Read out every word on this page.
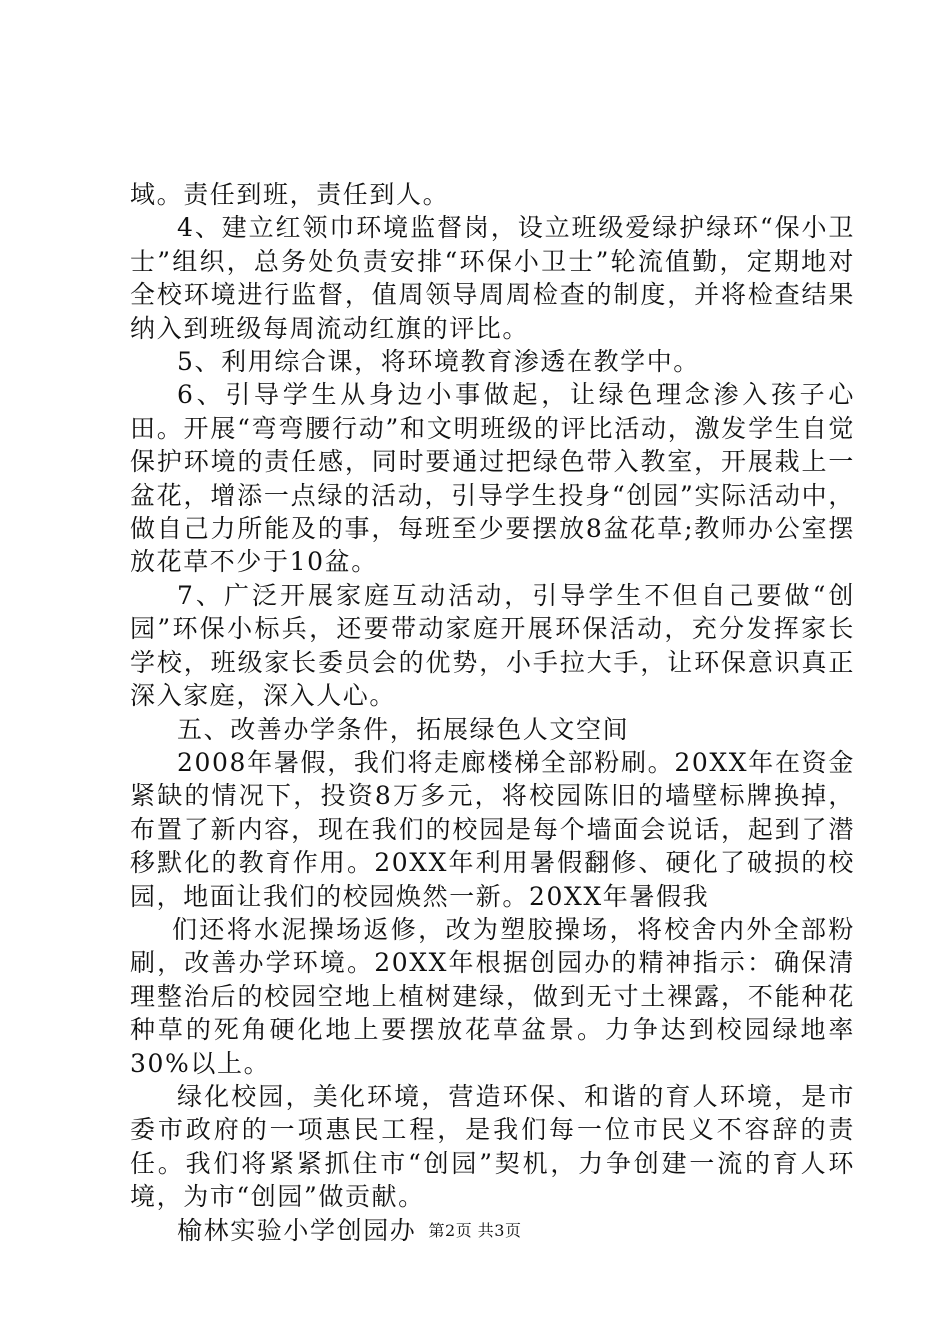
域。责任到班，责任到人。

4、建立红领巾环境监督岗，设立班级爱绿护绿环“保小卫士”组织，总务处负责安排“环保小卫士”轮流值勤，定期地对全校环境进行监督，值周领导周周检查的制度，并将检查结果纳入到班级每周流动红旗的评比。

5、利用综合课，将环境教育渗透在教学中。

6、引导学生从身边小事做起，让绿色理念渗入孩子心田。开展“弯弯腰行动”和文明班级的评比活动，激发学生自觉保护环境的责任感，同时要通过把绿色带入教室，开展栽上一盆花，增添一点绿的活动，引导学生投身“创园”实际活动中，做自己力所能及的事，每班至少要摆放8盆花草;教师办公室摆放花草不少于10盆。

7、广泛开展家庭互动活动，引导学生不但自己要做“创园”环保小标兵，还要带动家庭开展环保活动，充分发挥家长学校，班级家长委员会的优势，小手拉大手，让环保意识真正深入家庭，深入人心。

五、改善办学条件，拓展绿色人文空间

2008年暑假，我们将走廊楼梯全部粉刷。20XX年在资金紧缺的情况下，投资8万多元，将校园陈旧的墙壁标牌换掉，布置了新内容，现在我们的校园是每个墙面会说话，起到了潜移默化的教育作用。20XX年利用暑假翻修、硬化了破损的校园，地面让我们的校园焕然一新。20XX年暑假我

们还将水泥操场返修，改为塑胶操场，将校舍内外全部粉刷，改善办学环境。20XX年根据创园办的精神指示：确保清理整治后的校园空地上植树建绿，做到无寸土裸露，不能种花种草的死角硬化地上要摆放花草盆景。力争达到校园绿地率30%以上。

绿化校园，美化环境，营造环保、和谐的育人环境，是市委市政府的一项惠民工程，是我们每一位市民义不容辞的责任。我们将紧紧抓住市“创园”契机，力争创建一流的育人环境，为市“创园”做贡献。

榆林实验小学创园办 第2页 共3页
